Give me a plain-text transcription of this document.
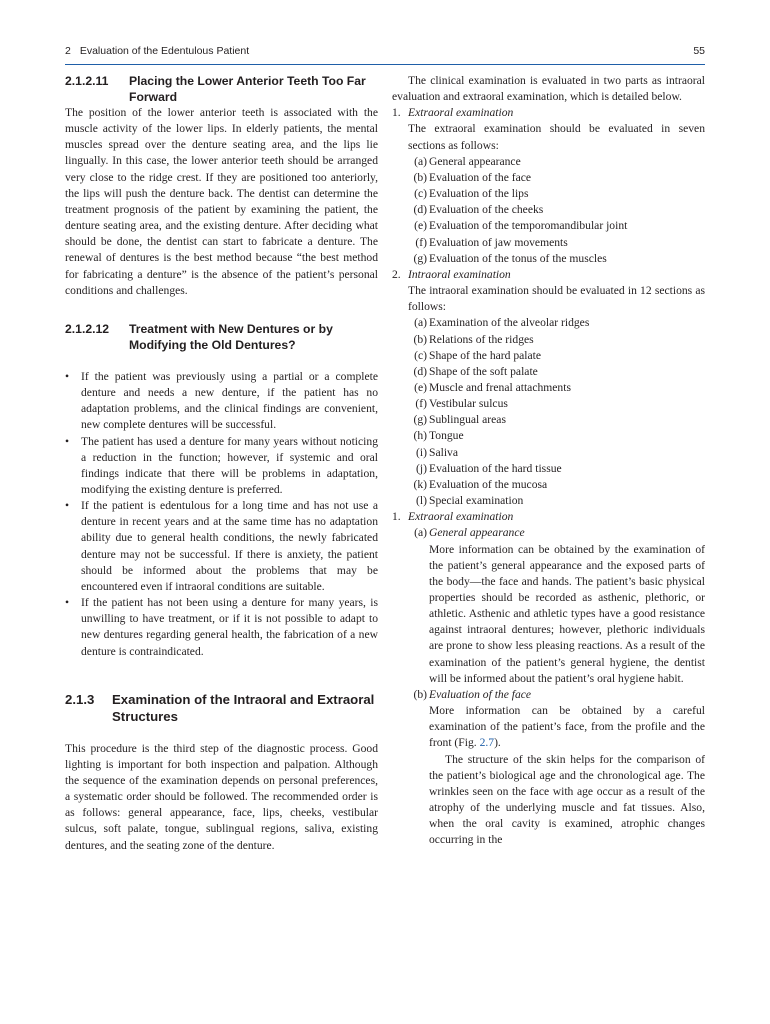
2 Evaluation of the Edentulous Patient	55
2.1.2.11 Placing the Lower Anterior Teeth Too Far Forward

The position of the lower anterior teeth is associated with the muscle activity of the lower lips. In elderly patients, the mental muscles spread over the denture seating area, and the lips lie lingually. In this case, the lower anterior teeth should be arranged very close to the ridge crest. If they are positioned too anteriorly, the lips will push the denture back. The dentist can determine the treatment prognosis of the patient by examining the patient, the denture seating area, and the existing denture. After deciding what should be done, the dentist can start to fabricate a denture. The renewal of dentures is the best method because “the best method for fabricating a denture” is the absence of the patient’s personal conditions and challenges.

2.1.2.12 Treatment with New Dentures or by Modifying the Old Dentures?
• If the patient was previously using a partial or a complete denture and needs a new denture, if the patient has no adaptation problems, and the clinical findings are convenient, new complete dentures will be successful.
• The patient has used a denture for many years without noticing a reduction in the function; however, if systemic and oral findings indicate that there will be problems in adaptation, modifying the existing denture is preferred.
• If the patient is edentulous for a long time and has not use a denture in recent years and at the same time has no adaptation ability due to general health conditions, the newly fabricated denture may not be successful. If there is anxiety, the patient should be informed about the problems that may be encountered even if intraoral conditions are suitable.
• If the patient has not been using a denture for many years, is unwilling to have treatment, or if it is not possible to adapt to new dentures regarding general health, the fabrication of a new denture is contraindicated.
2.1.3 Examination of the Intraoral and Extraoral Structures

This procedure is the third step of the diagnostic process. Good lighting is important for both inspection and palpation. Although the sequence of the examination depends on personal preferences, a systematic order should be followed. The recommended order is as follows: general appearance, face, lips, cheeks, vestibular sulcus, soft palate, tongue, sublingual regions, saliva, existing dentures, and the seating zone of the denture.

The clinical examination is evaluated in two parts as intraoral evaluation and extraoral examination, which is detailed below.

1. Extraoral examination

The extraoral examination should be evaluated in seven sections as follows:

(a) General appearance
(b) Evaluation of the face
(c) Evaluation of the lips
(d) Evaluation of the cheeks
(e) Evaluation of the temporomandibular joint
(f) Evaluation of jaw movements
(g) Evaluation of the tonus of the muscles
2. Intraoral examination

The intraoral examination should be evaluated in 12 sections as follows:

(a) Examination of the alveolar ridges
(b) Relations of the ridges
(c) Shape of the hard palate
(d) Shape of the soft palate
(e) Muscle and frenal attachments
(f) Vestibular sulcus
(g) Sublingual areas
(h) Tongue
(i) Saliva
(j) Evaluation of the hard tissue
(k) Evaluation of the mucosa
(l) Special examination
1. Extraoral examination
(a) General appearance

More information can be obtained by the examination of the patient’s general appearance and the exposed parts of the body—the face and hands. The patient’s basic physical properties should be recorded as asthenic, plethoric, or athletic. Asthenic and athletic types have a good resistance against intraoral dentures; however, plethoric individuals are prone to show less pleasing reactions. As a result of the examination of the patient’s general hygiene, the dentist will be informed about the patient’s oral hygiene habit.

(b) Evaluation of the face

More information can be obtained by a careful examination of the patient’s face, from the profile and the front (Fig. 2.7).

The structure of the skin helps for the comparison of the patient’s biological age and the chronological age. The wrinkles seen on the face with age occur as a result of the atrophy of the underlying muscle and fat tissues. Also, when the oral cavity is examined, atrophic changes occurring in the
